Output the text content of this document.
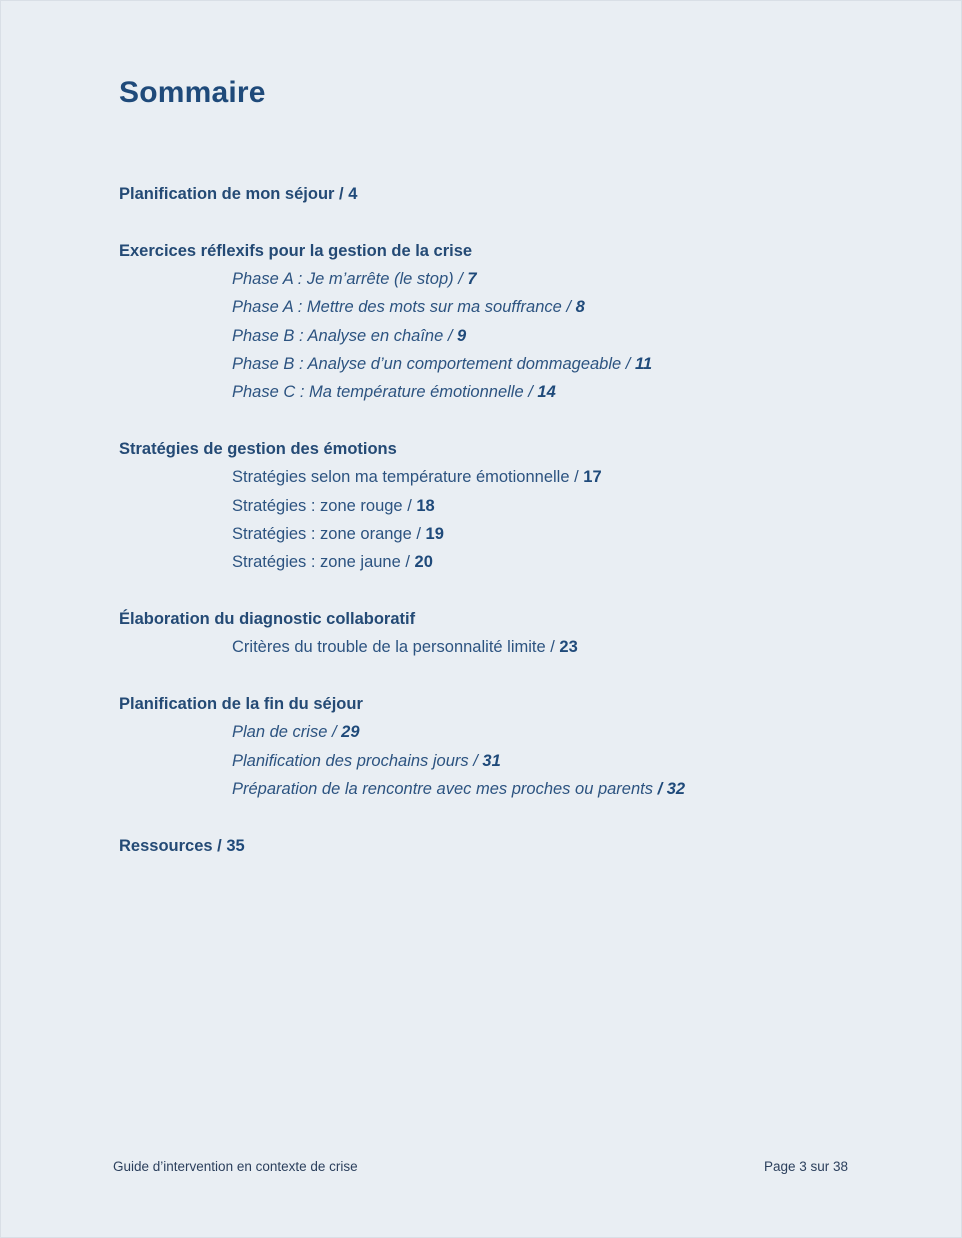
Sommaire
Planification de mon séjour / 4
Exercices réflexifs pour la gestion de la crise
Phase A : Je m’arrête (le stop) / 7
Phase A : Mettre des mots sur ma souffrance / 8
Phase B : Analyse en chaîne / 9
Phase B : Analyse d’un comportement dommageable / 11
Phase C : Ma température émotionnelle / 14
Stratégies de gestion des émotions
Stratégies selon ma température émotionnelle / 17
Stratégies : zone rouge / 18
Stratégies : zone orange / 19
Stratégies : zone jaune / 20
Élaboration du diagnostic collaboratif
Critères du trouble de la personnalité limite / 23
Planification de la fin du séjour
Plan de crise / 29
Planification des prochains jours / 31
Préparation de la rencontre avec mes proches ou parents / 32
Ressources / 35
Guide d’intervention en contexte de crise	Page 3 sur 38
